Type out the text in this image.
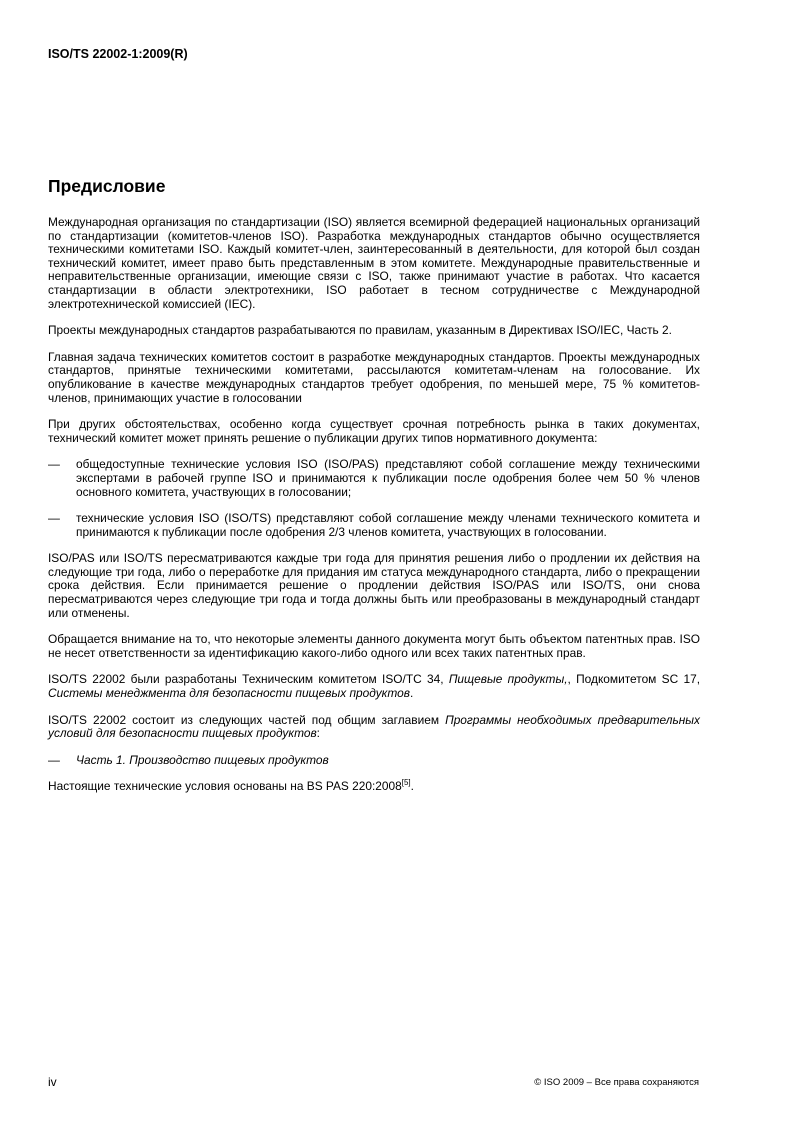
ISO/TS 22002-1:2009(R)
Предисловие

Международная организация по стандартизации (ISO) является всемирной федерацией национальных организаций по стандартизации (комитетов-членов ISO). Разработка международных стандартов обычно осуществляется техническими комитетами ISO. Каждый комитет-член, заинтересованный в деятельности, для которой был создан технический комитет, имеет право быть представленным в этом комитете. Международные правительственные и неправительственные организации, имеющие связи с ISO, также принимают участие в работах. Что касается стандартизации в области электротехники, ISO работает в тесном сотрудничестве с Международной электротехнической комиссией (IEC).

Проекты международных стандартов разрабатываются по правилам, указанным в Директивах ISO/IEC, Часть 2.

Главная задача технических комитетов состоит в разработке международных стандартов. Проекты международных стандартов, принятые техническими комитетами, рассылаются комитетам-членам на голосование. Их опубликование в качестве международных стандартов требует одобрения, по меньшей мере, 75 % комитетов-членов, принимающих участие в голосовании

При других обстоятельствах, особенно когда существует срочная потребность рынка в таких документах, технический комитет может принять решение о публикации других типов нормативного документа:

—	общедоступные технические условия ISO (ISO/PAS) представляют собой соглашение между техническими экспертами в рабочей группе ISO и принимаются к публикации после одобрения более чем 50 % членов основного комитета, участвующих в голосовании;
—	технические условия ISO (ISO/TS) представляют собой соглашение между членами технического комитета и принимаются к публикации после одобрения 2/3 членов комитета, участвующих в голосовании.

ISO/PAS или ISO/TS пересматриваются каждые три года для принятия решения либо о продлении их действия на следующие три года, либо о переработке для придания им статуса международного стандарта, либо о прекращении срока действия. Если принимается решение о продлении действия ISO/PAS или ISO/TS, они снова пересматриваются через следующие три года и тогда должны быть или преобразованы в международный стандарт или отменены.

Обращается внимание на то, что некоторые элементы данного документа могут быть объектом патентных прав. ISO не несет ответственности за идентификацию какого-либо одного или всех таких патентных прав.

ISO/TS 22002 были разработаны Техническим комитетом ISO/TC 34, Пищевые продукты,, Подкомитетом SC 17, Системы менеджмента для безопасности пищевых продуктов.

ISO/TS 22002 состоит из следующих частей под общим заглавием Программы необходимых предварительных условий для безопасности пищевых продуктов:

—	Часть 1. Производство пищевых продуктов

Настоящие технические условия основаны на BS PAS 220:2008[5].

iv	© ISO 2009 – Все права сохраняются
